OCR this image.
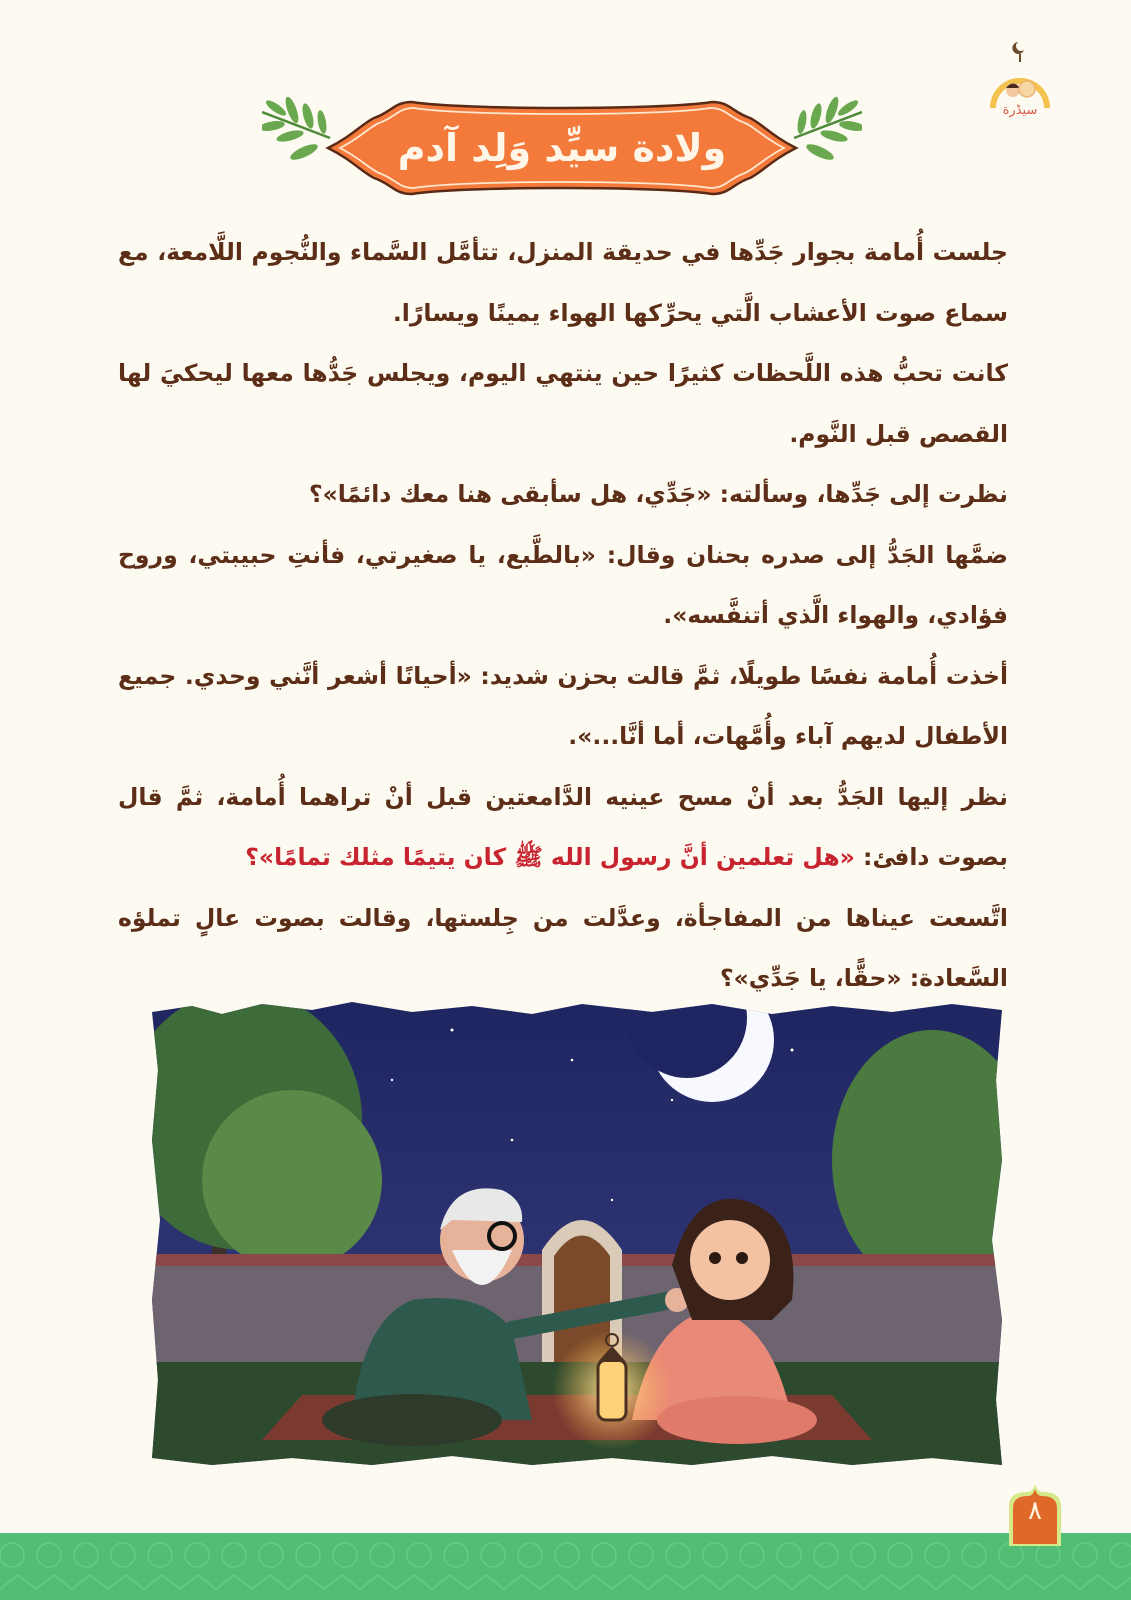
سيڈرة
ولادة سيِّد وَلِد آدم

جلست أُمامة بجوار جَدِّها في حديقة المنزل، تتأمَّل السَّماء والنُّجوم اللَّامعة، مع سماع صوت الأعشاب الَّتي يحرِّكها الهواء يمينًا ويسارًا.

كانت تحبُّ هذه اللَّحظات كثيرًا حين ينتهي اليوم، ويجلس جَدُّها معها ليحكيَ لها القصص قبل النَّوم.

نظرت إلى جَدِّها، وسألته: «جَدِّي، هل سأبقى هنا معك دائمًا»؟

ضمَّها الجَدُّ إلى صدره بحنان وقال: «بالطَّبع، يا صغيرتي، فأنتِ حبيبتي، وروح فؤادي، والهواء الَّذي أتنفَّسه».

أخذت أُمامة نفسًا طويلًا، ثمَّ قالت بحزن شديد: «أحيانًا أشعر أنَّني وحدي. جميع الأطفال لديهم آباء وأُمَّهات، أما أنَّا...».

نظر إليها الجَدُّ بعد أنْ مسح عينيه الدَّامعتين قبل أنْ تراهما أُمامة، ثمَّ قال بصوت دافئ: «هل تعلمين أنَّ رسول الله ﷺ كان يتيمًا مثلك تمامًا»؟

اتَّسعت عيناها من المفاجأة، وعدَّلت من جِلستها، وقالت بصوت عالٍ تملؤه السَّعادة: «حقًّا، يا جَدِّي»؟

٨
